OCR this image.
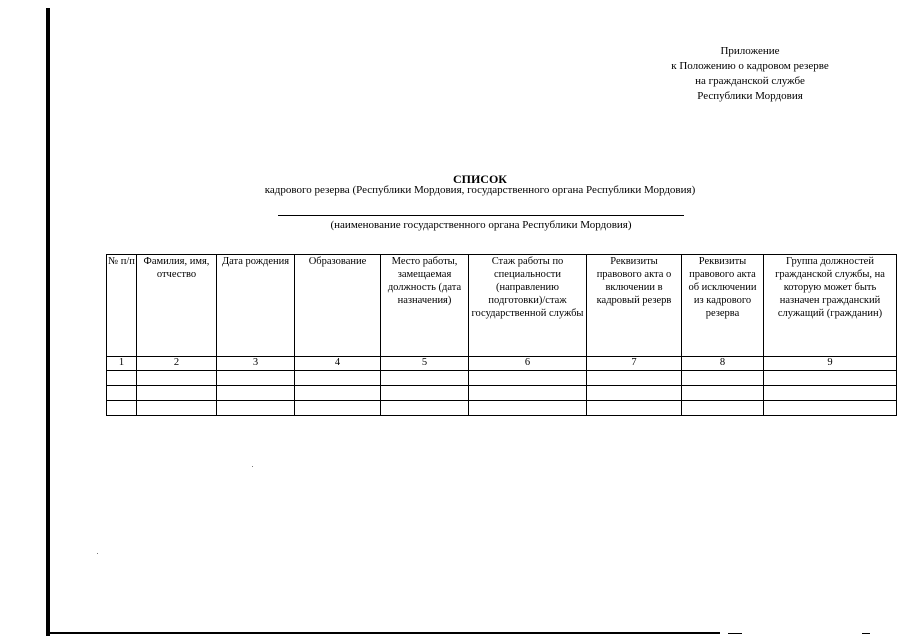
Приложение
к Положению о кадровом резерве
на гражданской службе
Республики Мордовия
СПИСОК
кадрового резерва (Республики Мордовия, государственного органа Республики Мордовия)
(наименование государственного органа Республики Мордовия)
№ п/п	Фамилия, имя, отчество	Дата рождения	Образование	Место работы, замещаемая должность (дата назначения)	Стаж работы по специальности (направлению подготовки)/стаж государственной службы	Реквизиты правового акта о включении в кадровый резерв	Реквизиты правового акта об исключении из кадрового резерва	Группа должностей гражданской службы, на которую может быть назначен гражданский служащий (гражданин)
1	2	3	4	5	6	7	8	9
